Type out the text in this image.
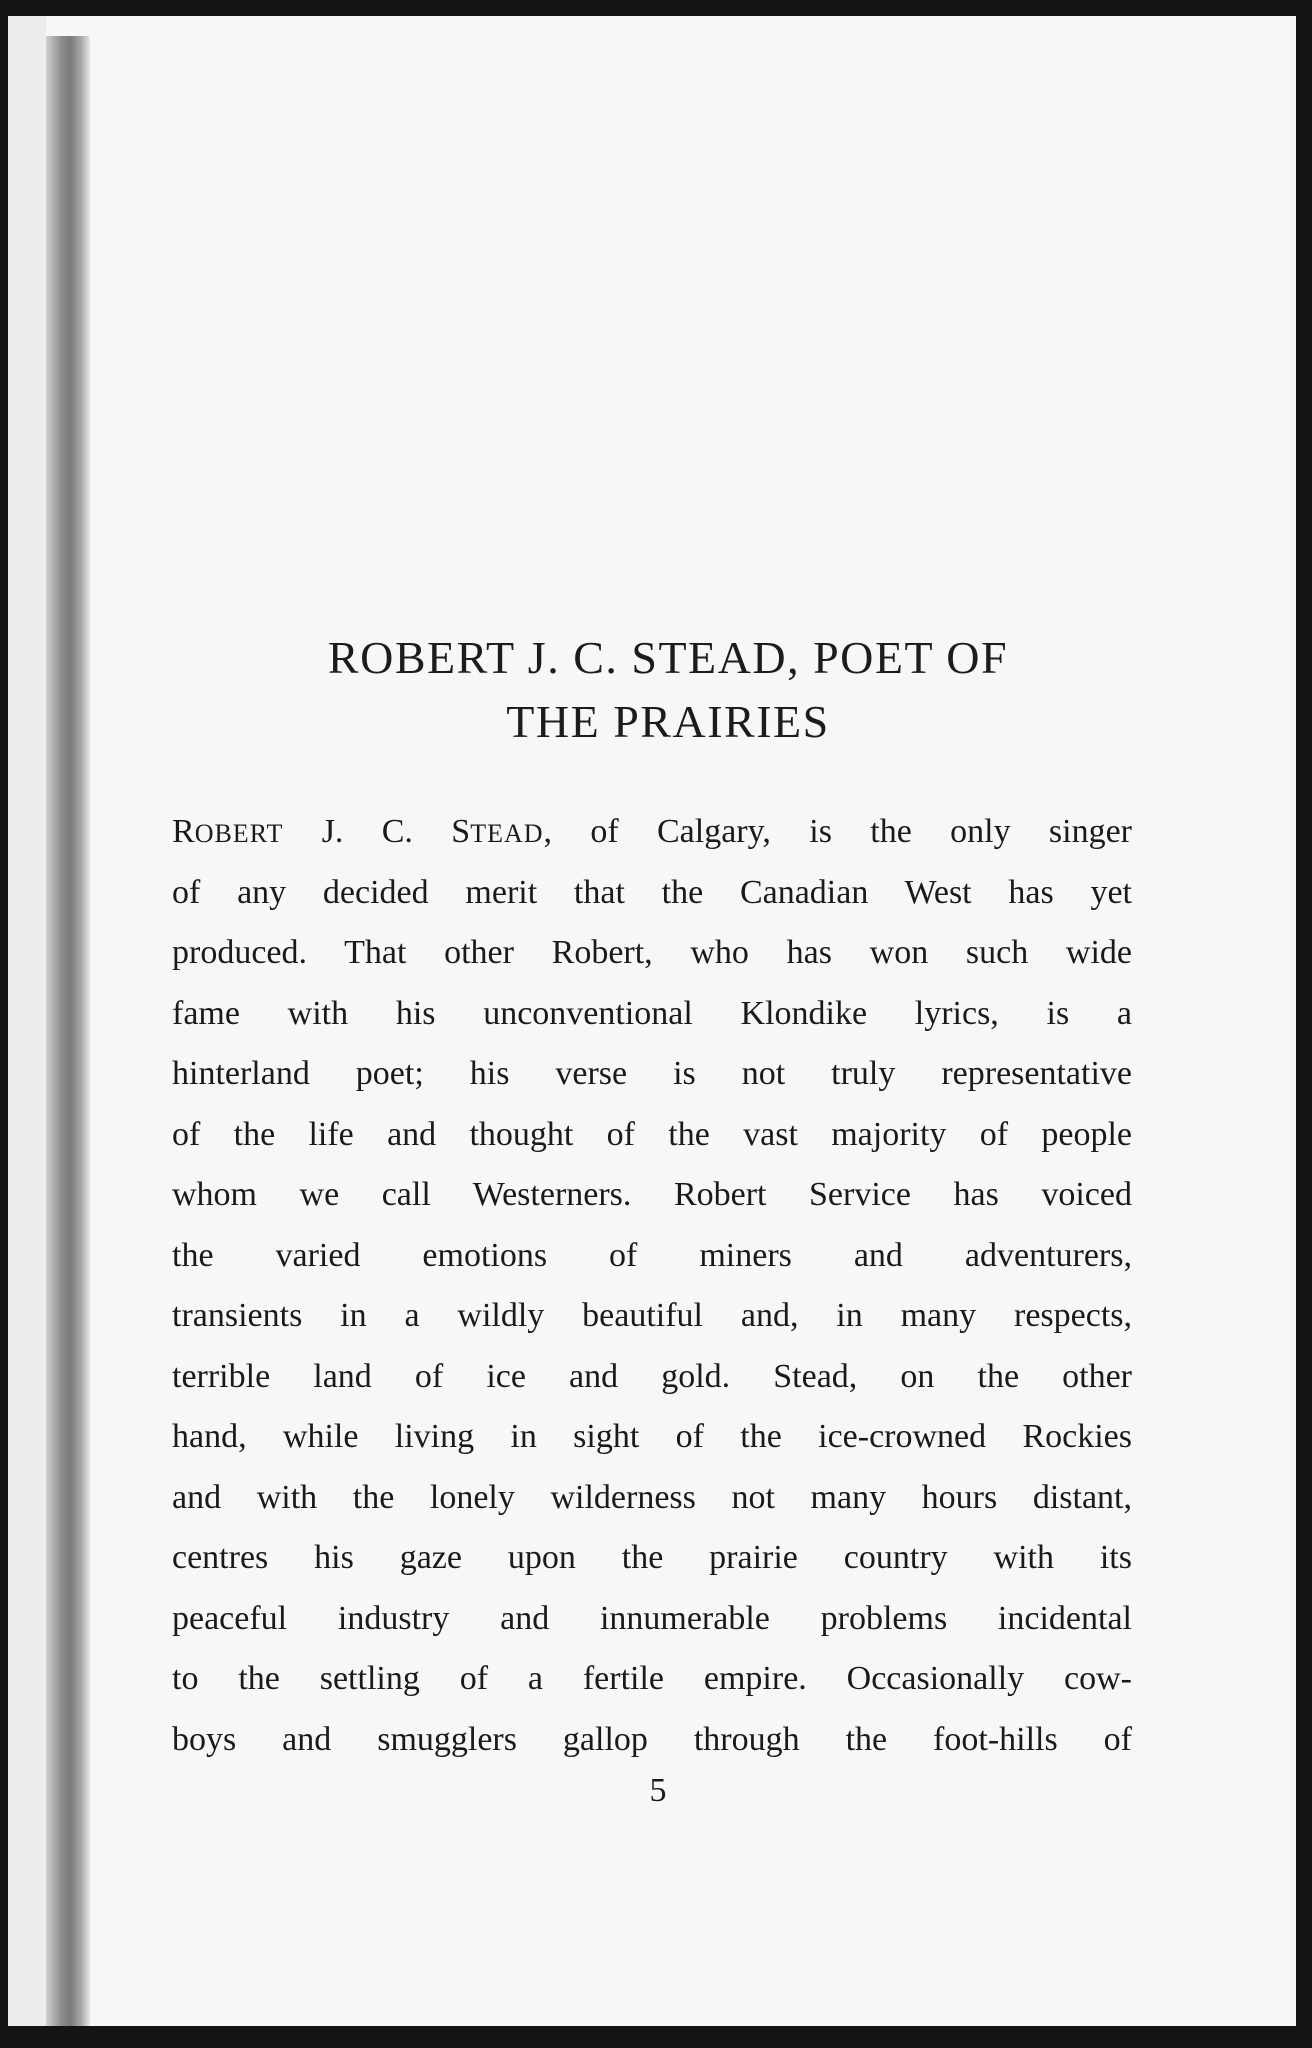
ROBERT J. C. STEAD, POET OF
THE PRAIRIES
ROBERT J. C. STEAD, of Calgary, is the only singer
of any decided merit that the Canadian West has yet
produced. That other Robert, who has won such wide
fame with his unconventional Klondike lyrics, is a
hinterland poet; his verse is not truly representative
of the life and thought of the vast majority of people
whom we call Westerners. Robert Service has voiced
the varied emotions of miners and adventurers,
transients in a wildly beautiful and, in many respects,
terrible land of ice and gold. Stead, on the other
hand, while living in sight of the ice-crowned Rockies
and with the lonely wilderness not many hours distant,
centres his gaze upon the prairie country with its
peaceful industry and innumerable problems incidental
to the settling of a fertile empire. Occasionally cow-
boys and smugglers gallop through the foot-hills of

5
